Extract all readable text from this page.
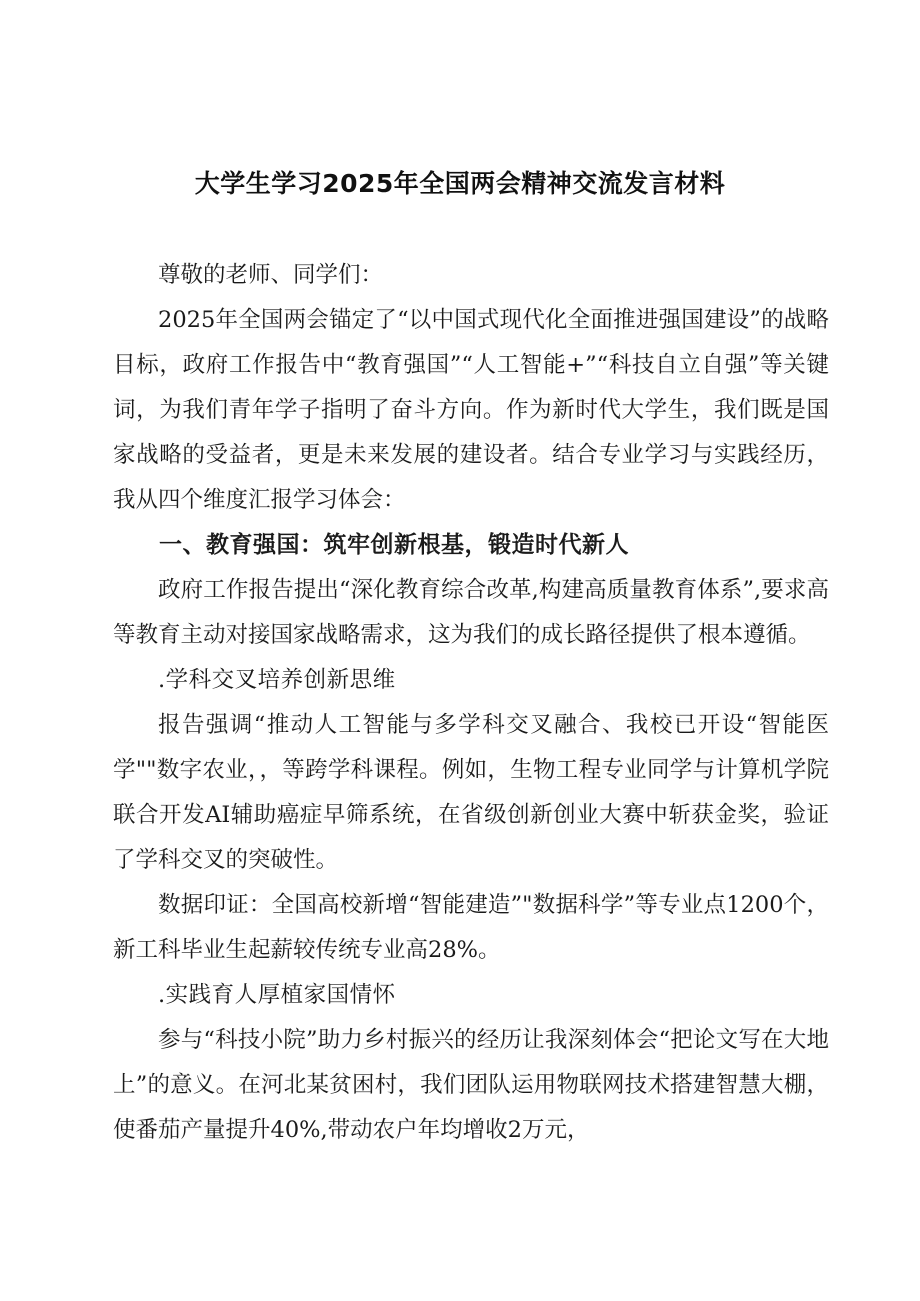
大学生学习2025年全国两会精神交流发言材料

尊敬的老师、同学们：

2025年全国两会锚定了“以中国式现代化全面推进强国建设”的战略目标，政府工作报告中“教育强国”“人工智能+”“科技自立自强”等关键词，为我们青年学子指明了奋斗方向。作为新时代大学生，我们既是国家战略的受益者，更是未来发展的建设者。结合专业学习与实践经历，我从四个维度汇报学习体会：

一、教育强国：筑牢创新根基，锻造时代新人

政府工作报告提出“深化教育综合改革,构建高质量教育体系”,要求高等教育主动对接国家战略需求，这为我们的成长路径提供了根本遵循。

.学科交叉培养创新思维

报告强调“推动人工智能与多学科交叉融合、我校已开设“智能医学""数字农业，，等跨学科课程。例如，生物工程专业同学与计算机学院联合开发AI辅助癌症早筛系统，在省级创新创业大赛中斩获金奖，验证了学科交叉的突破性。

数据印证：全国高校新增“智能建造”"数据科学”等专业点1200个，新工科毕业生起薪较传统专业高28%。

.实践育人厚植家国情怀

参与“科技小院”助力乡村振兴的经历让我深刻体会“把论文写在大地上”的意义。在河北某贫困村，我们团队运用物联网技术搭建智慧大棚，使番茄产量提升40%,带动农户年均增收2万元，
